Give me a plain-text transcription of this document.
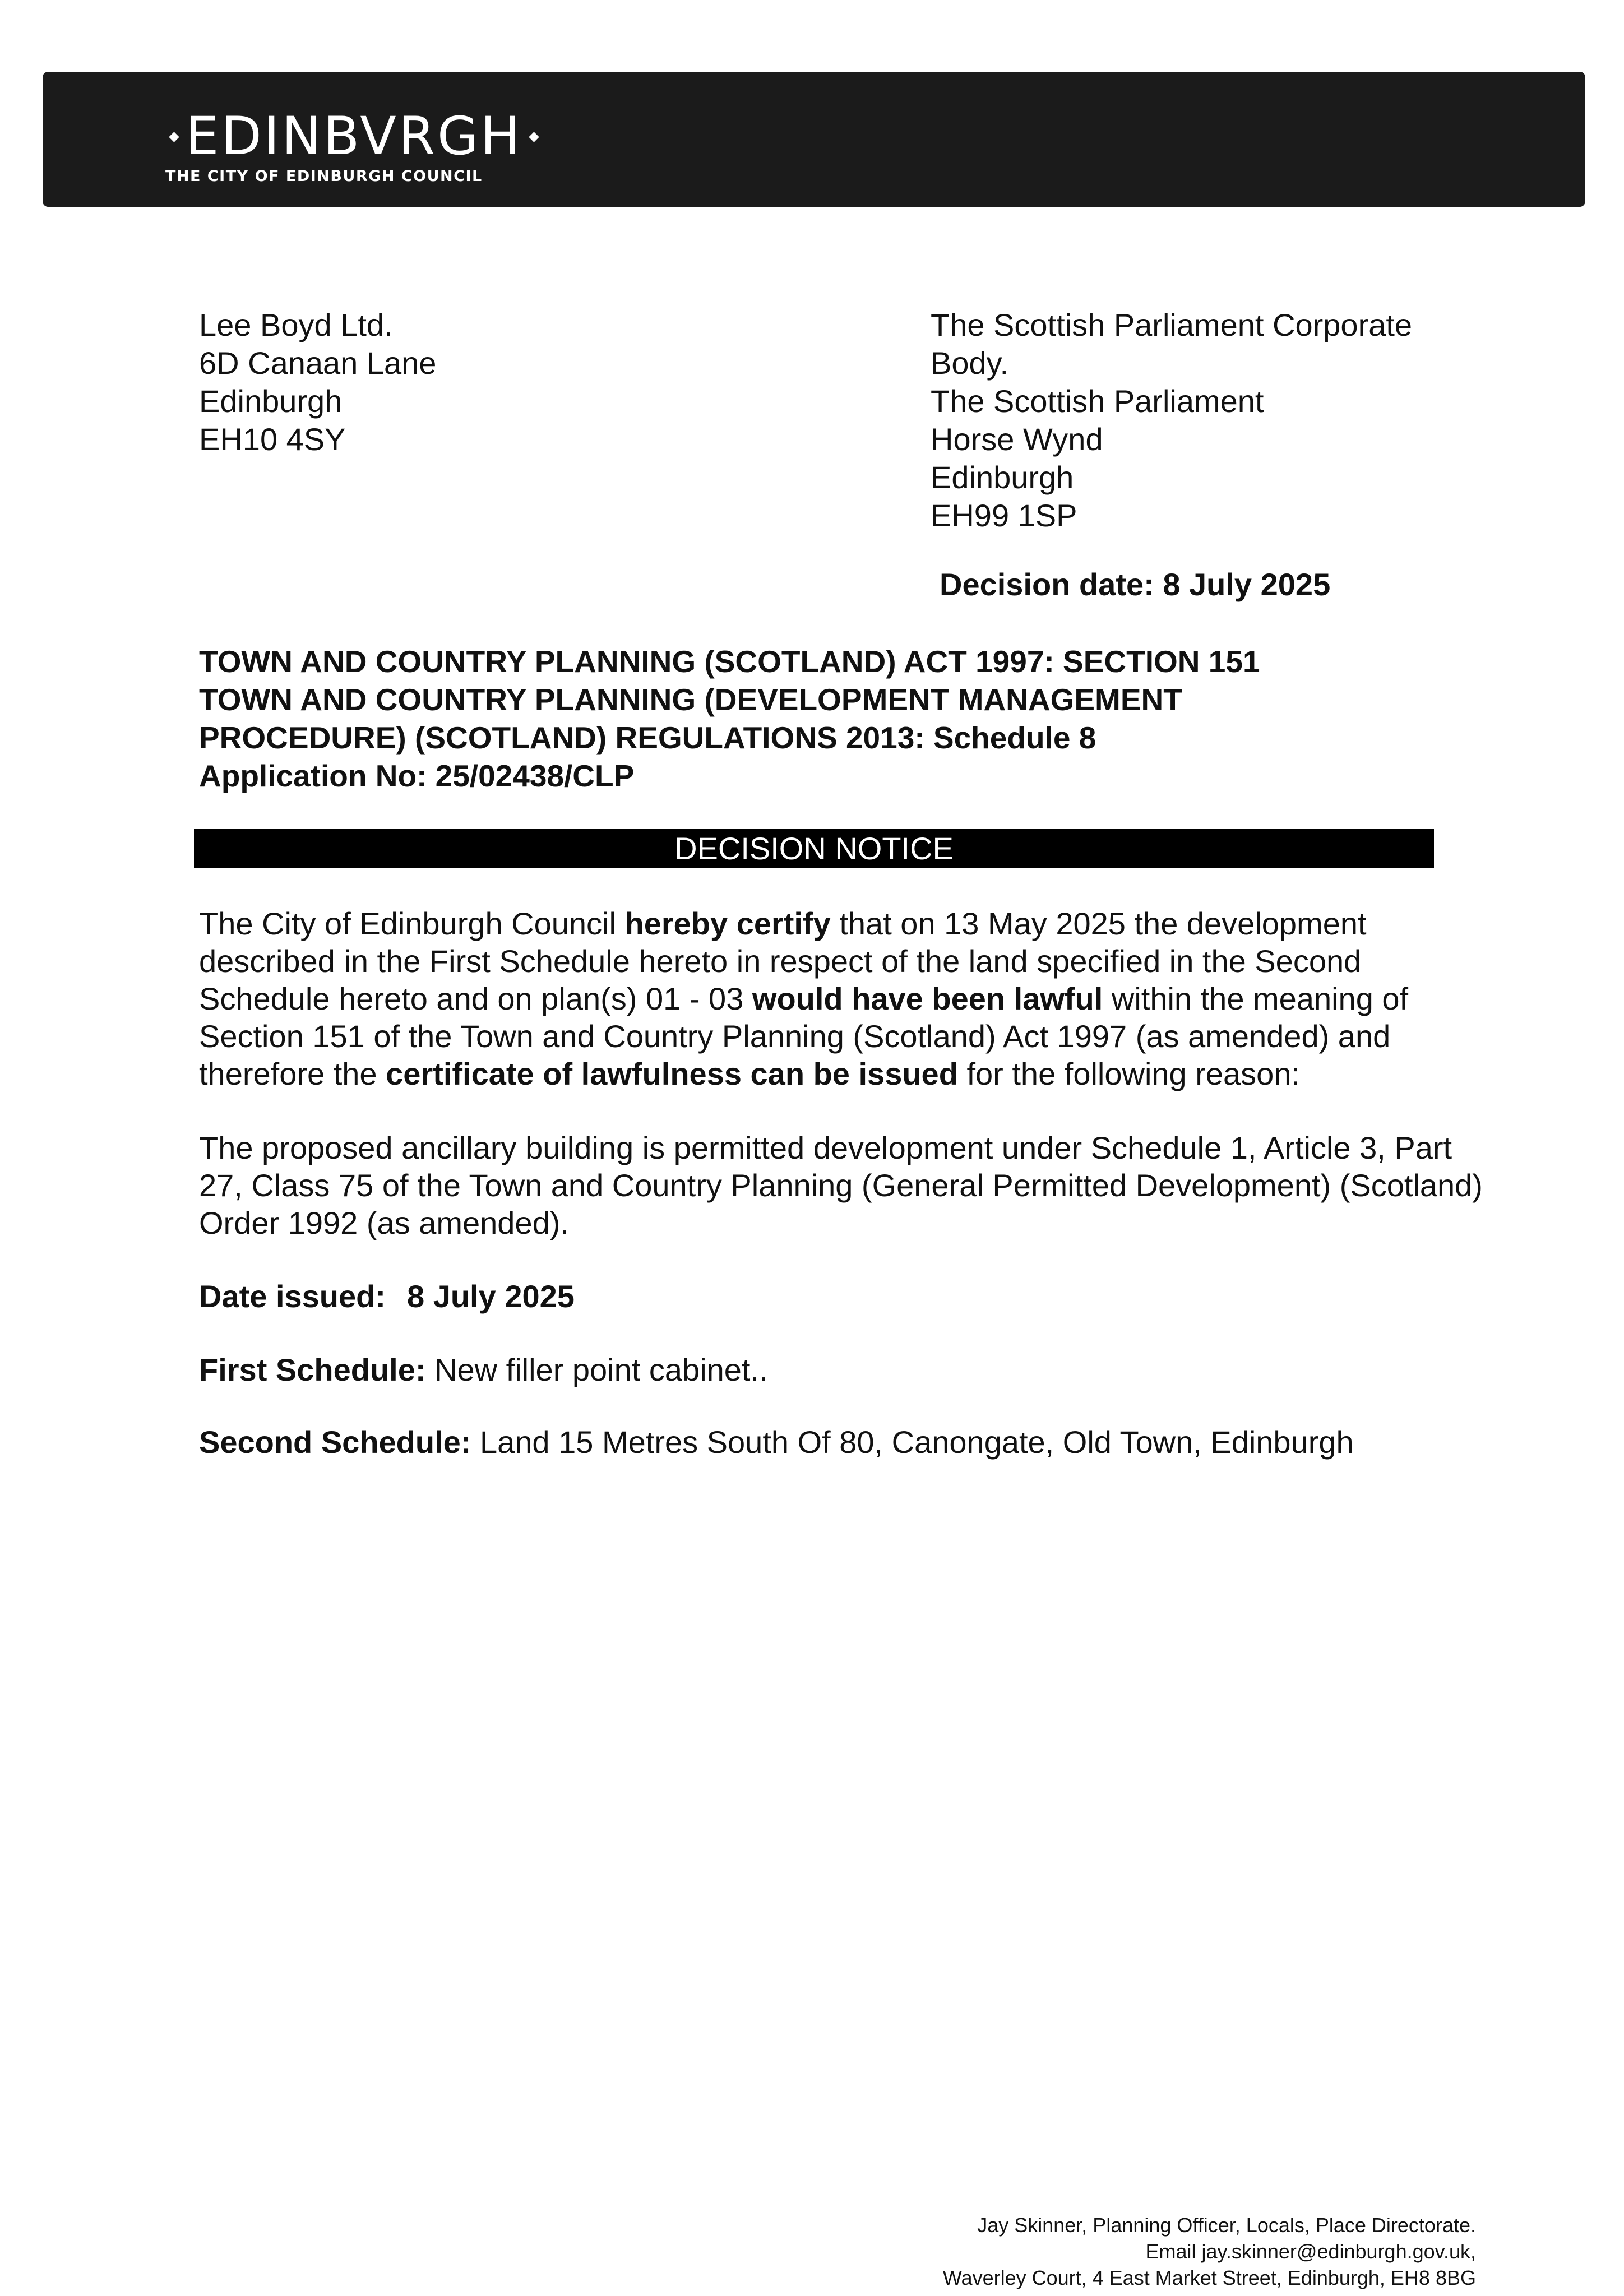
EDINBVRGH
THE CITY OF EDINBURGH COUNCIL
Lee Boyd Ltd.
6D Canaan Lane
Edinburgh
EH10 4SY
The Scottish Parliament Corporate
Body.
The Scottish Parliament
Horse Wynd
Edinburgh
EH99 1SP
Decision date: 8 July 2025
TOWN AND COUNTRY PLANNING (SCOTLAND) ACT 1997: SECTION 151
TOWN AND COUNTRY PLANNING (DEVELOPMENT MANAGEMENT
PROCEDURE) (SCOTLAND) REGULATIONS 2013: Schedule 8
Application No: 25/02438/CLP
DECISION NOTICE

The City of Edinburgh Council hereby certify that on 13 May 2025 the development described in the First Schedule hereto in respect of the land specified in the Second Schedule hereto and on plan(s) 01 - 03 would have been lawful within the meaning of Section 151 of the Town and Country Planning (Scotland) Act 1997 (as amended) and therefore the certificate of lawfulness can be issued for the following reason:

The proposed ancillary building is permitted development under Schedule 1, Article 3, Part 27, Class 75 of the Town and Country Planning (General Permitted Development) (Scotland) Order 1992 (as amended).

Date issued: 8 July 2025

First Schedule: New filler point cabinet..

Second Schedule: Land 15 Metres South Of 80, Canongate, Old Town, Edinburgh

Jay Skinner, Planning Officer, Locals, Place Directorate.
Email jay.skinner@edinburgh.gov.uk,
Waverley Court, 4 East Market Street, Edinburgh, EH8 8BG
